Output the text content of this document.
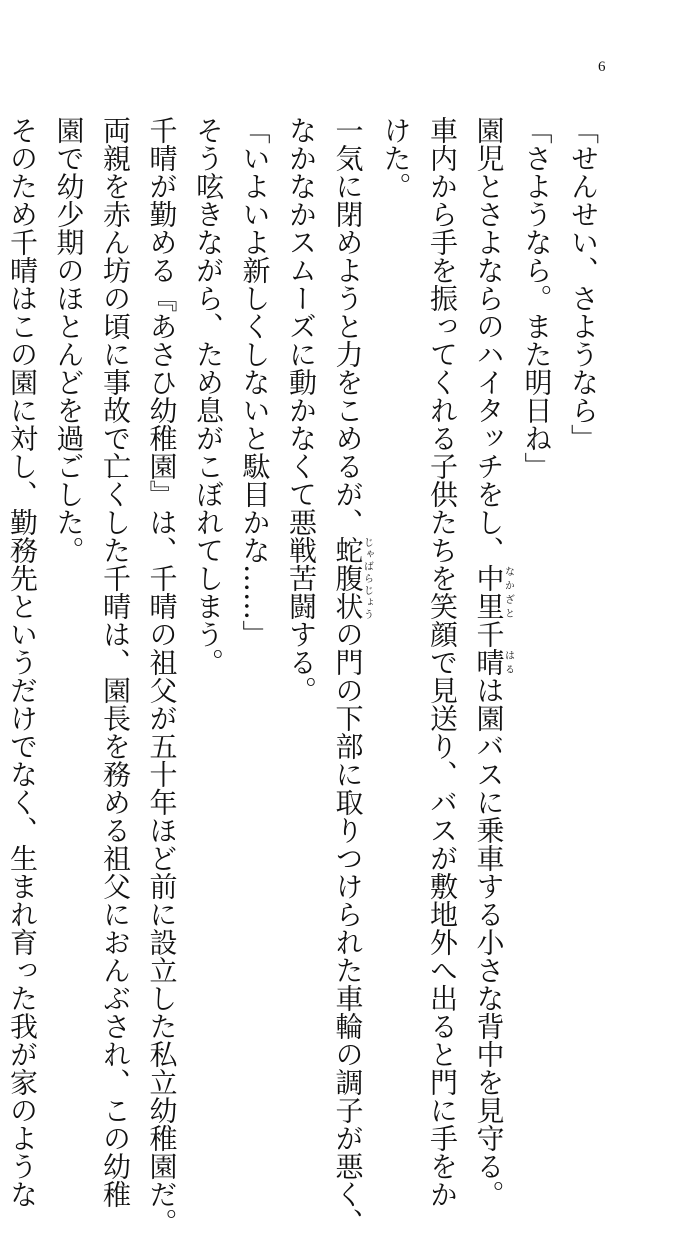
6
「せんせい、さようなら」
「さようなら。また明日ね」
園児とさよならのハイタッチをし、中里なかざと千晴はるは園バスに乗車する小さな背中を見守る。
車内から手を振ってくれる子供たちを笑顔で見送り、バスが敷地外へ出ると門に手をか
けた。
一気に閉めようと力をこめるが、蛇腹状じゃばらじょうの門の下部に取りつけられた車輪の調子が悪く、
なかなかスムーズに動かなくて悪戦苦闘する。
「いよいよ新しくしないと駄目かな……」
そう呟きながら、ため息がこぼれてしまう。
千晴が勤める『あさひ幼稚園』は、千晴の祖父が五十年ほど前に設立した私立幼稚園だ。
両親を赤ん坊の頃に事故で亡くした千晴は、園長を務める祖父におんぶされ、この幼稚
園で幼少期のほとんどを過ごした。
そのため千晴はこの園に対し、勤務先というだけでなく、生まれ育った我が家のような
